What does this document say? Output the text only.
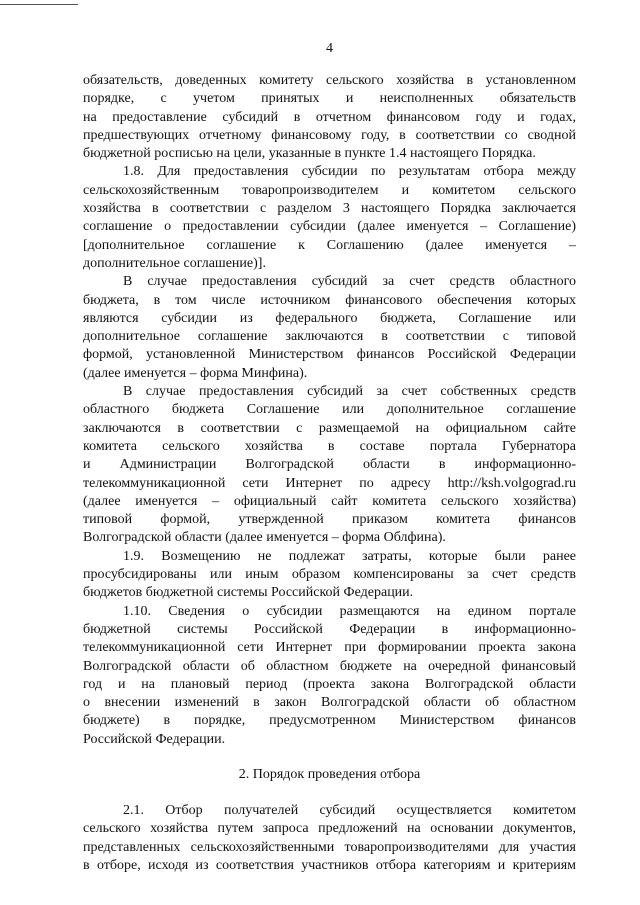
4
обязательств, доведенных комитету сельского хозяйства в установленном
порядке, с учетом принятых и неисполненных обязательств
на предоставление субсидий в отчетном финансовом году и годах,
предшествующих отчетному финансовому году, в соответствии со сводной
бюджетной росписью на цели, указанные в пункте 1.4 настоящего Порядка.
1.8. Для предоставления субсидии по результатам отбора между
сельскохозяйственным товаропроизводителем и комитетом сельского
хозяйства в соответствии с разделом 3 настоящего Порядка заключается
соглашение о предоставлении субсидии (далее именуется – Соглашение)
[дополнительное соглашение к Соглашению (далее именуется –
дополнительное соглашение)].
В случае предоставления субсидий за счет средств областного
бюджета, в том числе источником финансового обеспечения которых
являются субсидии из федерального бюджета, Соглашение или
дополнительное соглашение заключаются в соответствии с типовой
формой, установленной Министерством финансов Российской Федерации
(далее именуется – форма Минфина).
В случае предоставления субсидий за счет собственных средств
областного бюджета Соглашение или дополнительное соглашение
заключаются в соответствии с размещаемой на официальном сайте
комитета сельского хозяйства в составе портала Губернатора
и Администрации Волгоградской области в информационно-
телекоммуникационной сети Интернет по адресу http://ksh.volgograd.ru
(далее именуется – официальный сайт комитета сельского хозяйства)
типовой формой, утвержденной приказом комитета финансов
Волгоградской области (далее именуется – форма Облфина).
1.9. Возмещению не подлежат затраты, которые были ранее
просубсидированы или иным образом компенсированы за счет средств
бюджетов бюджетной системы Российской Федерации.
1.10. Сведения о субсидии размещаются на едином портале
бюджетной системы Российской Федерации в информационно-
телекоммуникационной сети Интернет при формировании проекта закона
Волгоградской области об областном бюджете на очередной финансовый
год и на плановый период (проекта закона Волгоградской области
о внесении изменений в закон Волгоградской области об областном
бюджете) в порядке, предусмотренном Министерством финансов
Российской Федерации.
2. Порядок проведения отбора
2.1. Отбор получателей субсидий осуществляется комитетом
сельского хозяйства путем запроса предложений на основании документов,
представленных сельскохозяйственными товаропроизводителями для участия
в отборе, исходя из соответствия участников отбора категориям и критериям
